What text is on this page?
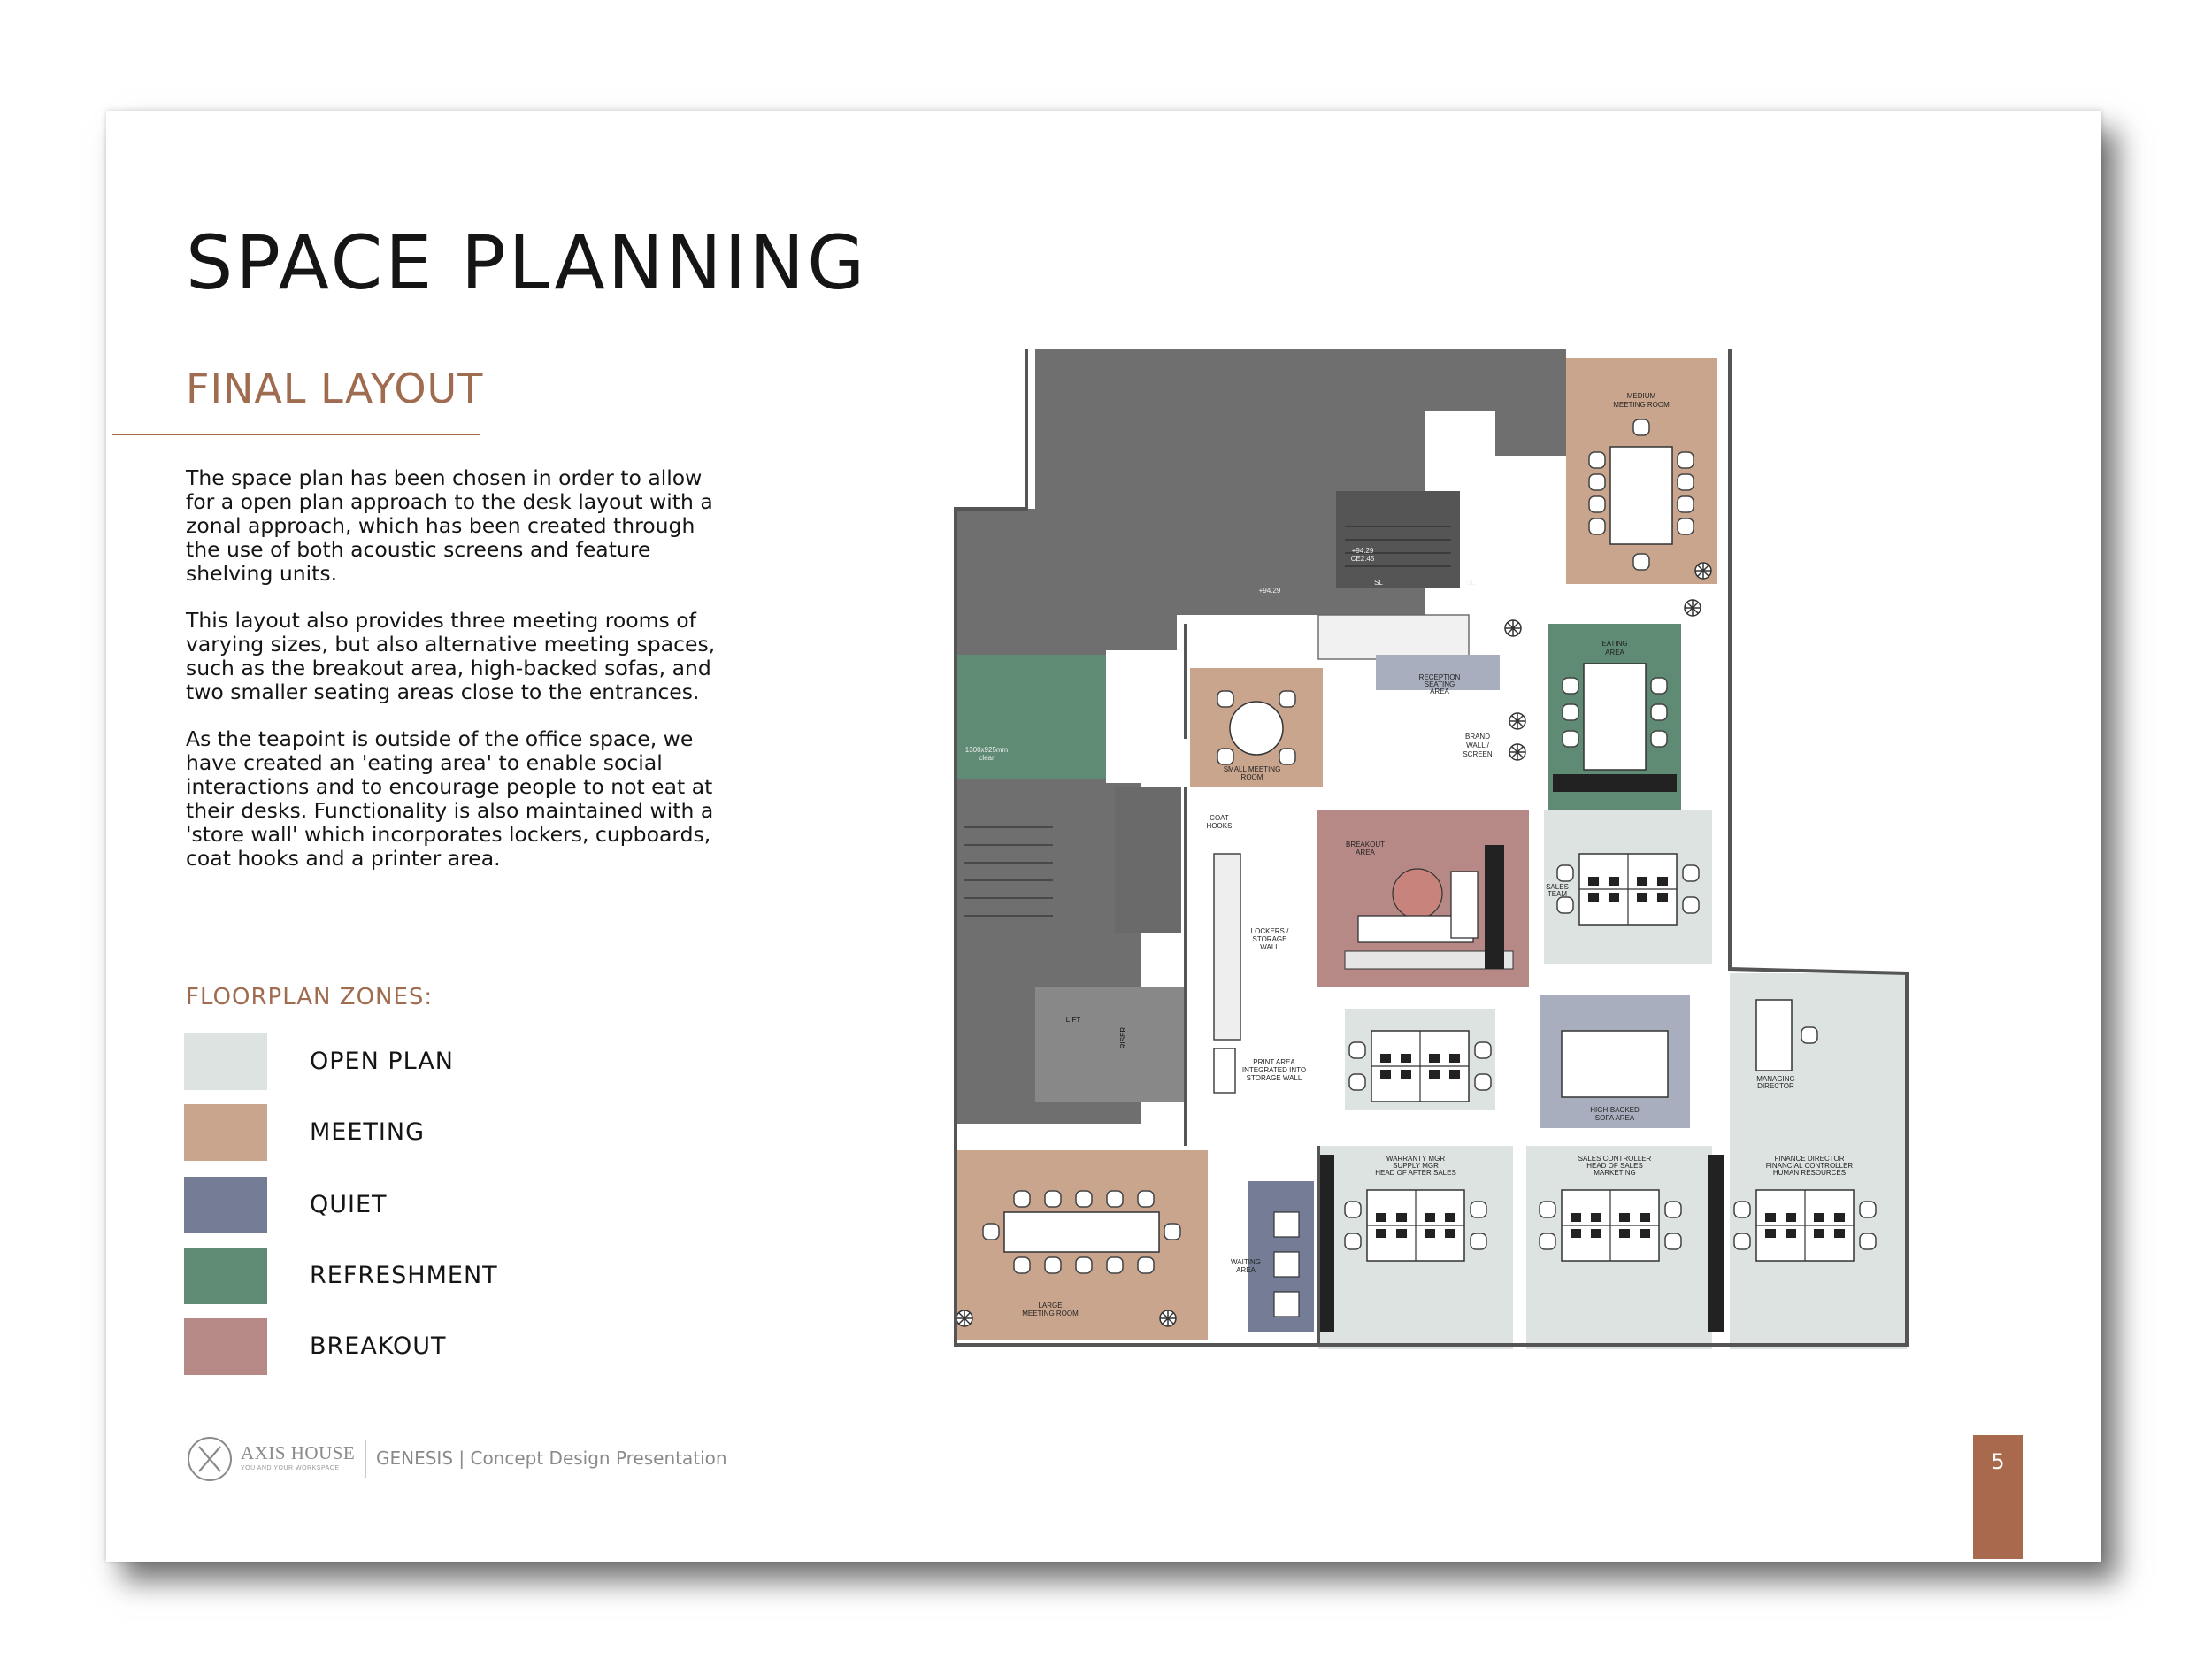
SPACE PLANNING
FINAL LAYOUT

The space plan has been chosen in order to allow for a open plan approach to the desk layout with a zonal approach, which has been created through the use of both acoustic screens and feature shelving units.

This layout also provides three meeting rooms of varying sizes, but also alternative meeting spaces, such as the breakout area, high-backed sofas, and two smaller seating areas close to the entrances.

As the teapoint is outside of the office space, we have created an 'eating area' to enable social interactions and to encourage people to not eat at their desks. Functionality is also maintained with a 'store wall' which incorporates lockers, cupboards, coat hooks and a printer area.

FLOORPLAN ZONES:
OPEN PLAN
MEETING
QUIET
REFRESHMENT
BREAKOUT
MEDIUM
MEETING ROOM
EATING
AREA
RECEPTION
SEATING
AREA
BRAND
WALL /
SCREEN
SMALL MEETING
ROOM
BREAKOUT
AREA
COAT
HOOKS
LOCKERS /
STORAGE
WALL
SALES
TEAM
PRINT AREA
INTEGRATED INTO
STORAGE WALL
LIFT
HIGH-BACKED
SOFA AREA
MANAGING
DIRECTOR
WARRANTY MGR
SUPPLY MGR
HEAD OF AFTER SALES
SALES CONTROLLER
HEAD OF SALES
MARKETING
FINANCE DIRECTOR
FINANCIAL CONTROLLER
HUMAN RESOURCES
WAITING
AREA
LARGE
MEETING ROOM
+94.29
+94.29
CE2.45
1300x925mm
clear
RISER
SL	SL
AXIS HOUSE
YOU AND YOUR WORKSPACE GENESIS | Concept Design Presentation	5
